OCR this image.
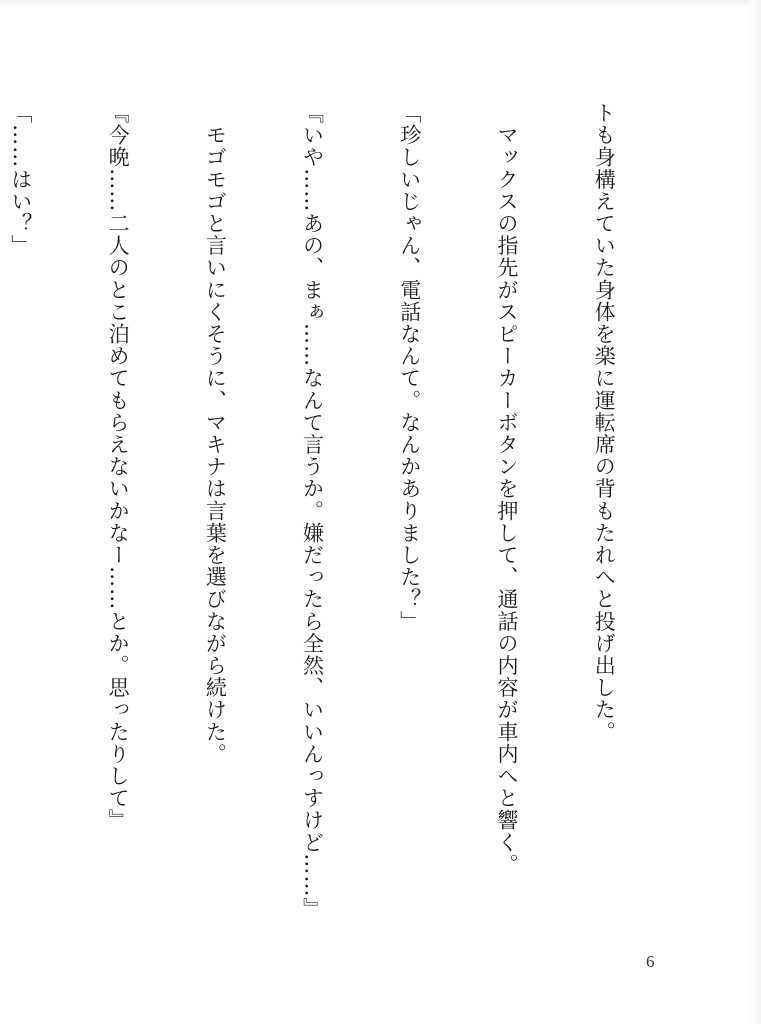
トも身構えていた身体を楽に運転席の背もたれへと投げ出した。

　マックスの指先がスピーカーボタンを押して、通話の内容が車内へと響く。

「珍しいじゃん、電話なんて。なんかありました？」

『いや……あの、まぁ……なんて言うか。嫌だったら全然、いいんっすけど……』

　モゴモゴと言いにくそうに、マキナは言葉を選びながら続けた。

『今晩……二人のとこ泊めてもらえないかなー……とか。思ったりして』

「……はい？」

6
